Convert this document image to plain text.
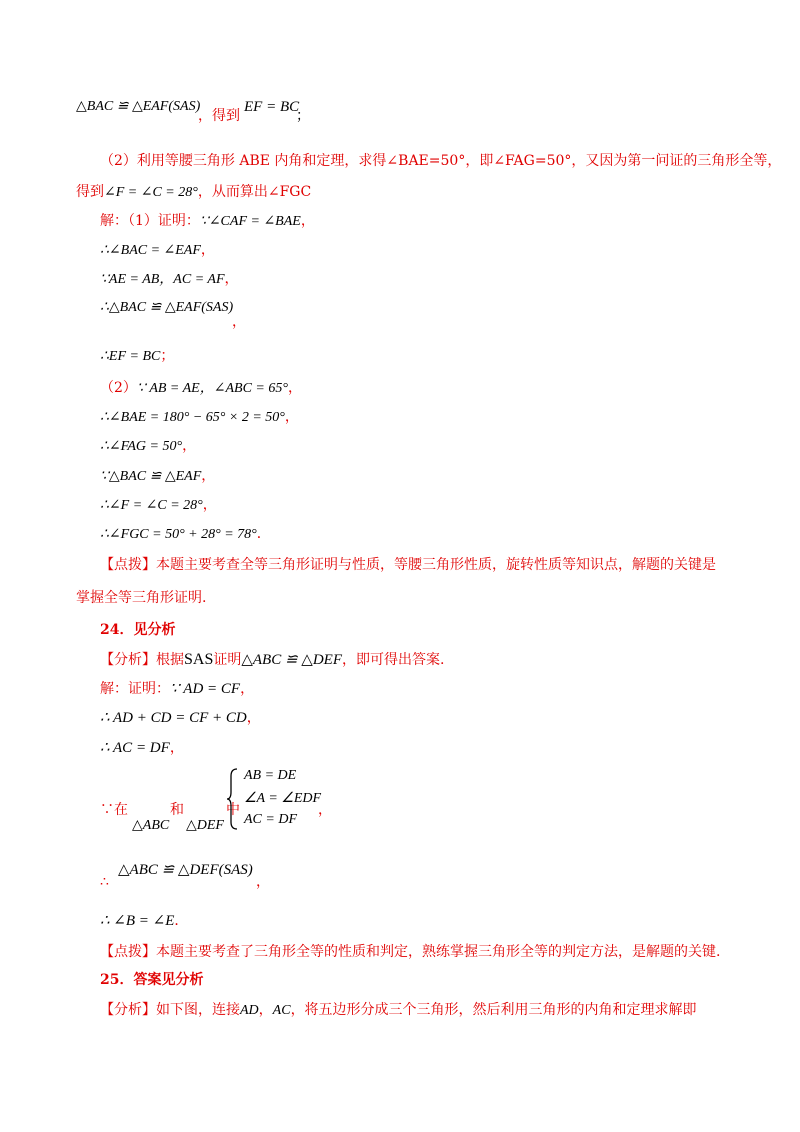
△BAC ≌ △EAF(SAS)
，得到
EF = BC
；
（2）利用等腰三角形 ABE 内角和定理，求得∠BAE=50°，即∠FAG=50°，又因为第一问证的三角形全等，
得到∠F = ∠C = 28°，从而算出∠FGC
解：（1）证明：∵∠CAF = ∠BAE，
∴∠BAC = ∠EAF，
∵AE = AB，AC = AF，
∴△BAC ≌ △EAF(SAS)
，
∴EF = BC；
（2）∵ AB = AE，∠ABC = 65°，
∴∠BAE = 180° − 65° × 2 = 50°，
∴∠FAG = 50°，
∵△BAC ≌ △EAF，
∴∠F = ∠C = 28°，
∴∠FGC = 50° + 28° = 78°．
【点拨】本题主要考查全等三角形证明与性质，等腰三角形性质，旋转性质等知识点，解题的关键是
掌握全等三角形证明.
24．见分析
【分析】根据SAS证明△ABC ≌ △DEF，即可得出答案.
解：证明：∵ AD = CF，
∴ AD + CD = CF + CD，
∴ AC = DF，
∵在	和	中
△ABC △DEF
AB = DE
∠A = ∠EDF
AC = DF
，
△ABC ≌ △DEF(SAS)
∴	，
∴ ∠B = ∠E．
【点拨】本题主要考查了三角形全等的性质和判定，熟练掌握三角形全等的判定方法，是解题的关键.
25．答案见分析
【分析】如下图，连接AD，AC，将五边形分成三个三角形，然后利用三角形的内角和定理求解即
